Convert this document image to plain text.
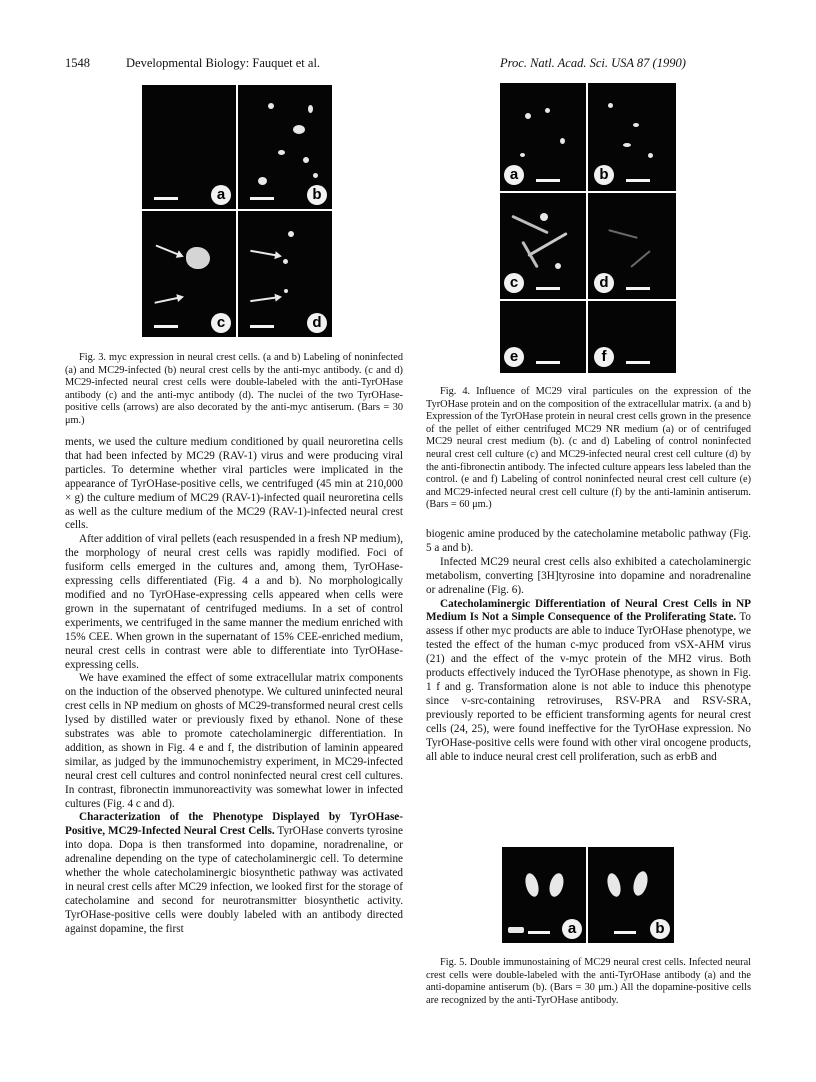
1548	Developmental Biology: Fauquet et al.	Proc. Natl. Acad. Sci. USA 87 (1990)
a	b
c	d

Fig. 3. myc expression in neural crest cells. (a and b) Labeling of noninfected (a) and MC29-infected (b) neural crest cells by the anti-myc antibody. (c and d) MC29-infected neural crest cells were double-labeled with the anti-TyrOHase antibody (c) and the anti-myc antibody (d). The nuclei of the two TyrOHase-positive cells (arrows) are also decorated by the anti-myc antiserum. (Bars = 30 μm.)

ments, we used the culture medium conditioned by quail neuroretina cells that had been infected by MC29 (RAV-1) virus and were producing viral particles. To determine whether viral particles were implicated in the appearance of TyrOHase-positive cells, we centrifuged (45 min at 210,000 × g) the culture medium of MC29 (RAV-1)-infected quail neuroretina cells as well as the culture medium of the MC29 (RAV-1)-infected neural crest cells.

After addition of viral pellets (each resuspended in a fresh NP medium), the morphology of neural crest cells was rapidly modified. Foci of fusiform cells emerged in the cultures and, among them, TyrOHase-expressing cells differentiated (Fig. 4 a and b). No morphologically modified and no TyrOHase-expressing cells appeared when cells were grown in the supernatant of centrifuged mediums. In a set of control experiments, we centrifuged in the same manner the medium enriched with 15% CEE. When grown in the supernatant of 15% CEE-enriched medium, neural crest cells in contrast were able to differentiate into TyrOHase-expressing cells.

We have examined the effect of some extracellular matrix components on the induction of the observed phenotype. We cultured uninfected neural crest cells in NP medium on ghosts of MC29-transformed neural crest cells lysed by distilled water or previously fixed by ethanol. None of these substrates was able to promote catecholaminergic differentiation. In addition, as shown in Fig. 4 e and f, the distribution of laminin appeared similar, as judged by the immunochemistry experiment, in MC29-infected neural crest cell cultures and control noninfected neural crest cell cultures. In contrast, fibronectin immunoreactivity was somewhat lower in infected cultures (Fig. 4 c and d).

Characterization of the Phenotype Displayed by TyrOHase-Positive, MC29-Infected Neural Crest Cells. TyrOHase converts tyrosine into dopa. Dopa is then transformed into dopamine, noradrenaline, or adrenaline depending on the type of catecholaminergic cell. To determine whether the whole catecholaminergic biosynthetic pathway was activated in neural crest cells after MC29 infection, we looked first for the storage of catecholamine and second for neurotransmitter biosynthetic activity. TyrOHase-positive cells were doubly labeled with an antibody directed against dopamine, the first

a	b
c	d
e	f

Fig. 4. Influence of MC29 viral particules on the expression of the TyrOHase protein and on the composition of the extracellular matrix. (a and b) Expression of the TyrOHase protein in neural crest cells grown in the presence of the pellet of either centrifuged MC29 NR medium (a) or of centrifuged MC29 neural crest medium (b). (c and d) Labeling of control noninfected neural crest cell culture (c) and MC29-infected neural crest cell culture (d) by the anti-fibronectin antibody. The infected culture appears less labeled than the control. (e and f) Labeling of control noninfected neural crest cell culture (e) and MC29-infected neural crest cell culture (f) by the anti-laminin antiserum. (Bars = 60 μm.)

biogenic amine produced by the catecholamine metabolic pathway (Fig. 5 a and b).

Infected MC29 neural crest cells also exhibited a catecholaminergic metabolism, converting [3H]tyrosine into dopamine and noradrenaline or adrenaline (Fig. 6).

Catecholaminergic Differentiation of Neural Crest Cells in NP Medium Is Not a Simple Consequence of the Proliferating State. To assess if other myc products are able to induce TyrOHase phenotype, we tested the effect of the human c-myc produced from vSX-AHM virus (21) and the effect of the v-myc protein of the MH2 virus. Both products effectively induced the TyrOHase phenotype, as shown in Fig. 1 f and g. Transformation alone is not able to induce this phenotype since v-src-containing retroviruses, RSV-PRA and RSV-SRA, previously reported to be efficient transforming agents for neural crest cells (24, 25), were found ineffective for the TyrOHase expression. No TyrOHase-positive cells were found with other viral oncogene products, all able to induce neural crest cell proliferation, such as erbB and

a	b

Fig. 5. Double immunostaining of MC29 neural crest cells. Infected neural crest cells were double-labeled with the anti-TyrOHase antibody (a) and the anti-dopamine antiserum (b). (Bars = 30 μm.) All the dopamine-positive cells are recognized by the anti-TyrOHase antibody.
